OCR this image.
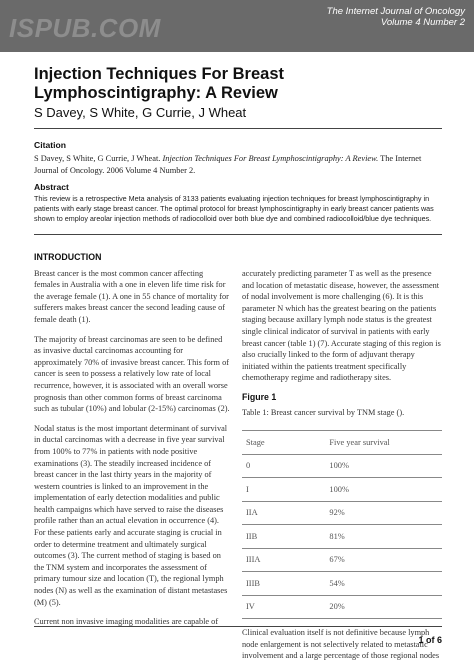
ISPUB.COM
The Internet Journal of Oncology
Volume 4 Number 2
Injection Techniques For Breast Lymphoscintigraphy: A Review
S Davey, S White, G Currie, J Wheat
Citation
S Davey, S White, G Currie, J Wheat. Injection Techniques For Breast Lymphoscintigraphy: A Review. The Internet Journal of Oncology. 2006 Volume 4 Number 2.
Abstract
This review is a retrospective Meta analysis of 3133 patients evaluating injection techniques for breast lymphoscintigraphy in patients with early stage breast cancer. The optimal protocol for breast lymphoscintigraphy in early breast cancer patients was shown to employ areolar injection methods of radiocolloid over both blue dye and combined radiocolloid/blue dye techniques.
INTRODUCTION

Breast cancer is the most common cancer affecting females in Australia with a one in eleven life time risk for the average female (1). A one in 55 chance of mortality for sufferers makes breast cancer the second leading cause of female death (1).

The majority of breast carcinomas are seen to be defined as invasive ductal carcinomas accounting for approximately 70% of invasive breast cancer. This form of cancer is seen to possess a relatively low rate of local recurrence, however, it is associated with an overall worse prognosis than other common forms of breast carcinoma such as tubular (10%) and lobular (2-15%) carcinomas (2).

Nodal status is the most important determinant of survival in ductal carcinomas with a decrease in five year survival from 100% to 77% in patients with node positive examinations (3). The steadily increased incidence of breast cancer in the last thirty years in the majority of western countries is linked to an improvement in the implementation of early detection modalities and public health campaigns which have served to raise the diseases profile rather than an actual elevation in occurrence (4). For these patients early and accurate staging is crucial in order to determine treatment and ultimately surgical outcomes (3). The current method of staging is based on the TNM system and incorporates the assessment of primary tumour size and location (T), the regional lymph nodes (N) as well as the examination of distant metastases (M) (5).

Current non invasive imaging modalities are capable of

accurately predicting parameter T as well as the presence and location of metastatic disease, however, the assessment of nodal involvement is more challenging (6). It is this parameter N which has the greatest bearing on the patients staging because axillary lymph node status is the greatest single clinical indicator of survival in patients with early breast cancer (table 1) (7). Accurate staging of this region is also crucially linked to the form of adjuvant therapy initiated within the patients treatment specifically chemotherapy regime and radiotherapy sites.

Figure 1
Table 1: Breast cancer survival by TNM stage ().
Stage	Five year survival
0	100%
I	100%
IIA	92%
IIB	81%
IIIA	67%
IIIB	54%
IV	20%

Clinical evaluation itself is not definitive because lymph node enlargement is not selectively related to metastatic involvement and a large percentage of those regional nodes

1 of 6
